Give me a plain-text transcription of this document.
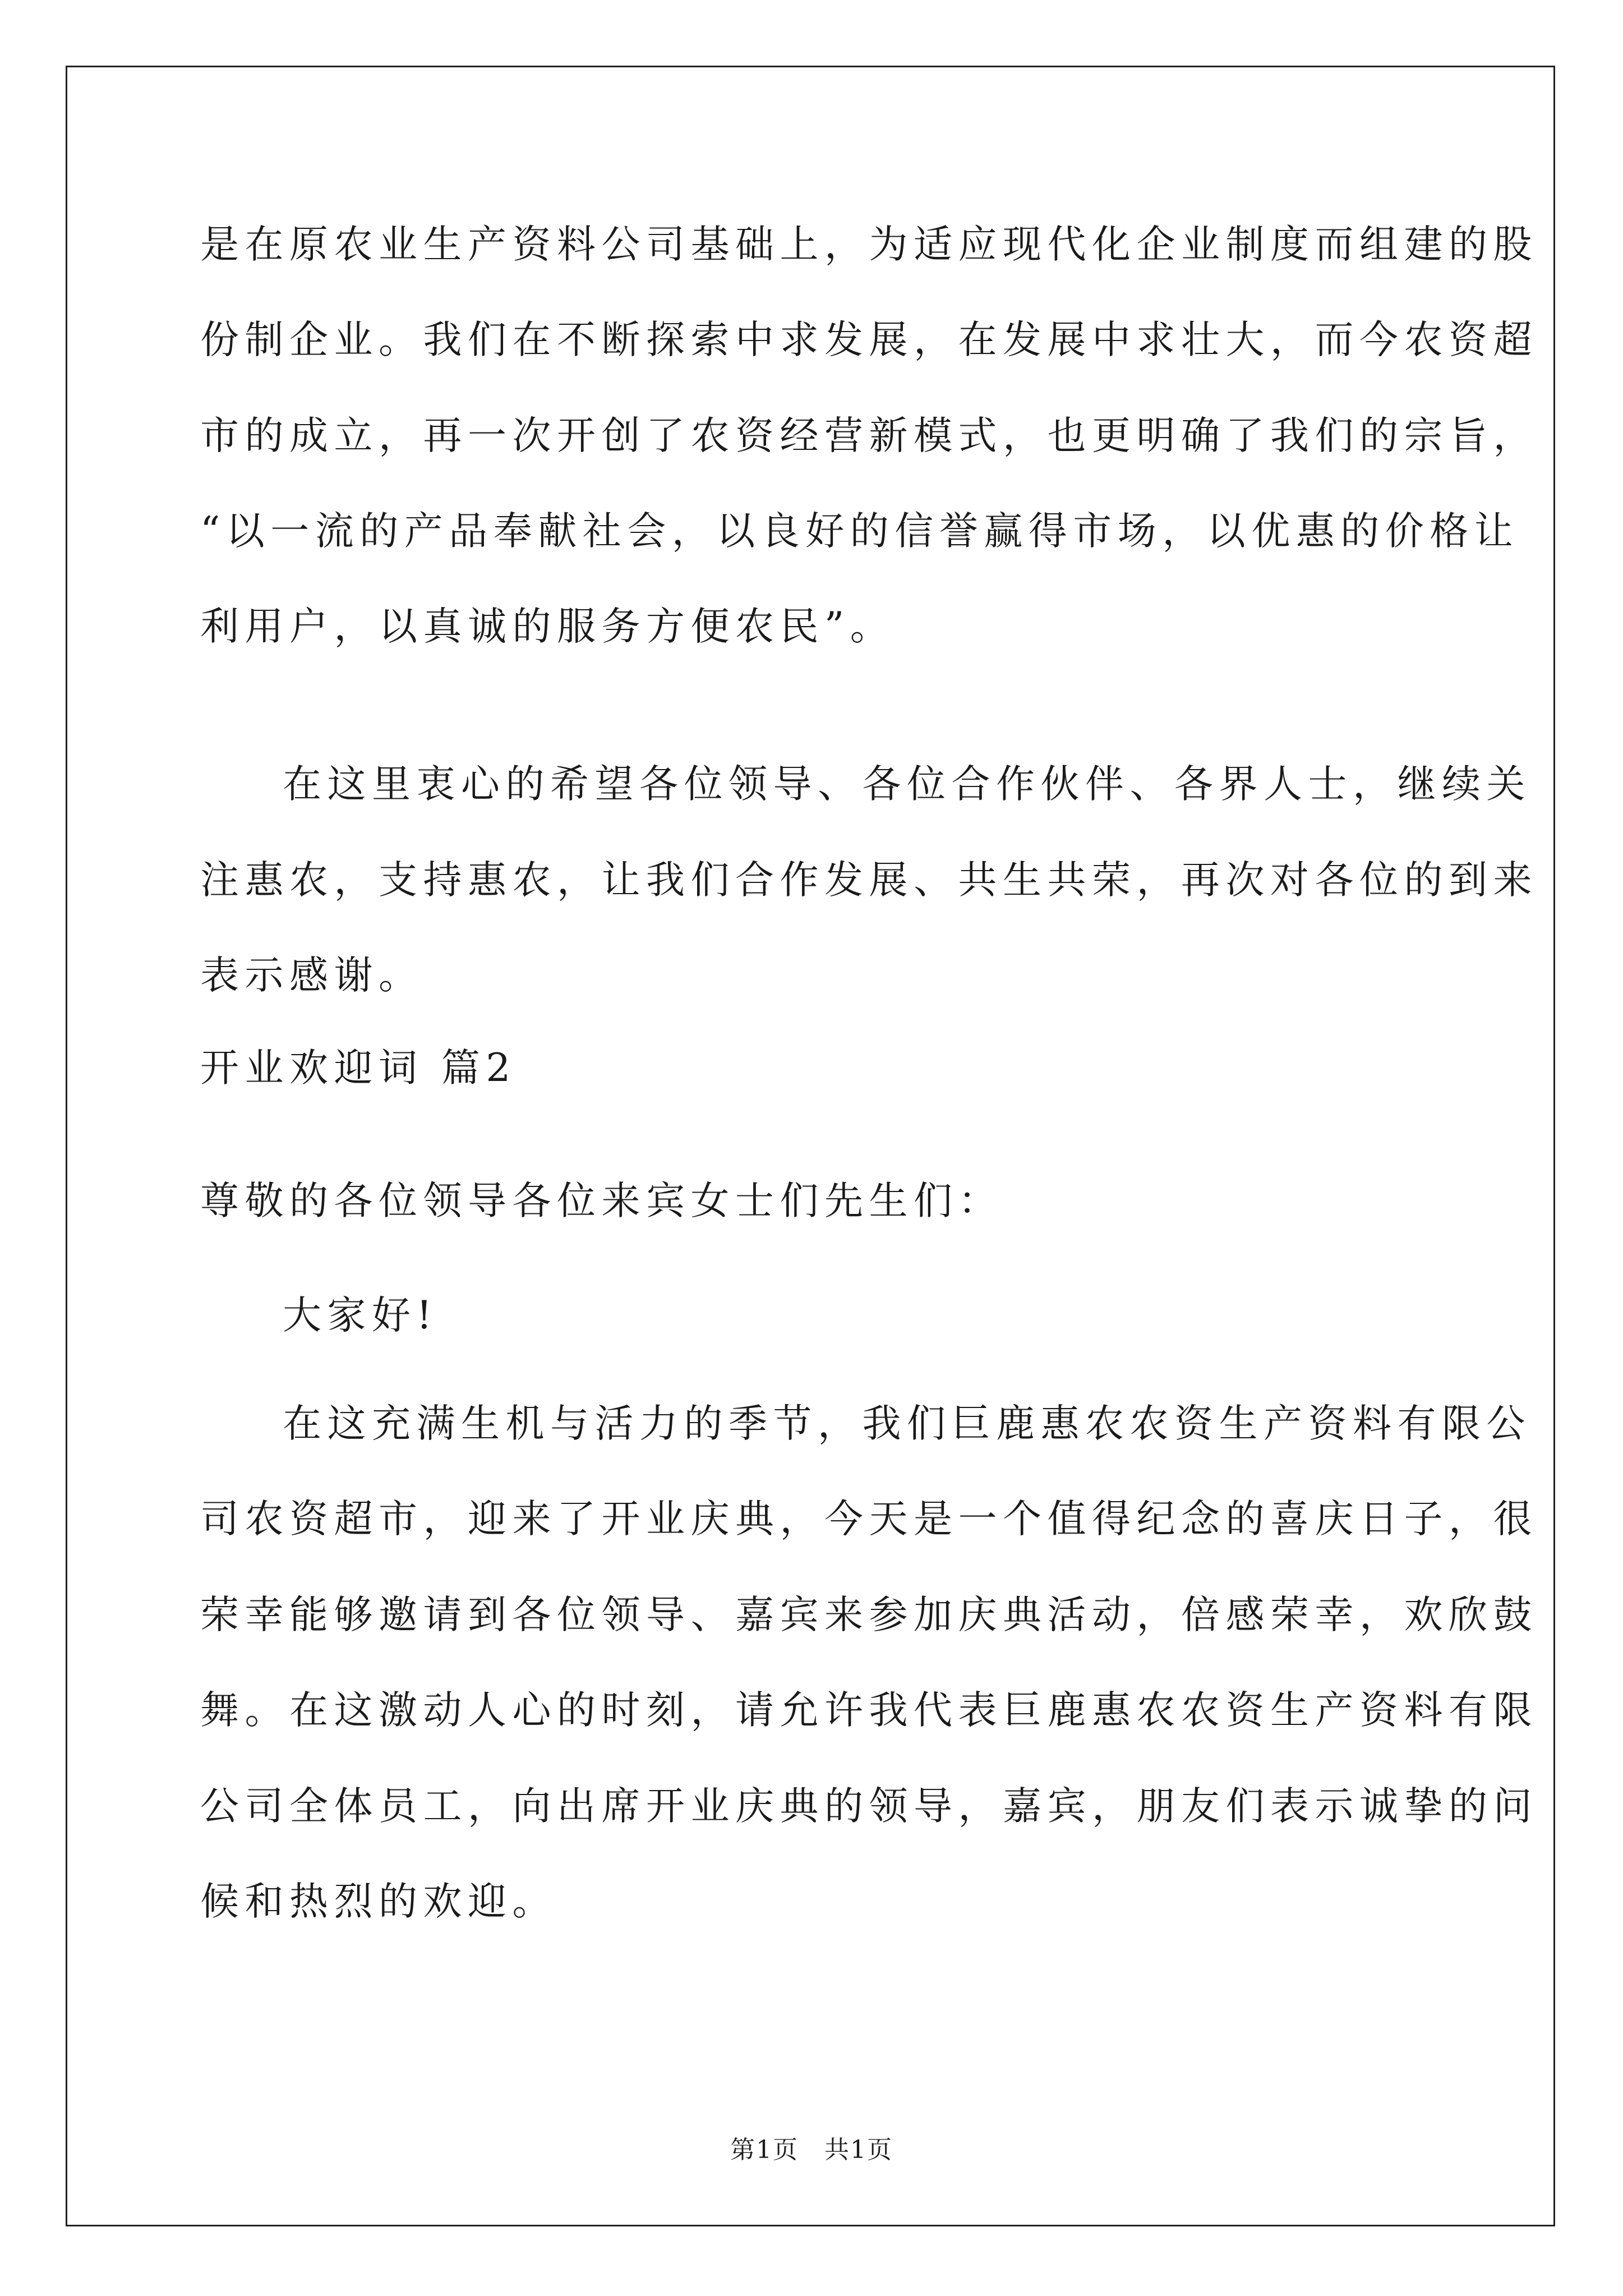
是在原农业生产资料公司基础上，为适应现代化企业制度而组建的股

份制企业。我们在不断探索中求发展，在发展中求壮大，而今农资超

市的成立，再一次开创了农资经营新模式，也更明确了我们的宗旨，

“以一流的产品奉献社会，以良好的信誉赢得市场，以优惠的价格让

利用户，以真诚的服务方便农民”。

在这里衷心的希望各位领导、各位合作伙伴、各界人士，继续关

注惠农，支持惠农，让我们合作发展、共生共荣，再次对各位的到来

表示感谢。

开业欢迎词 篇2

尊敬的各位领导各位来宾女士们先生们：

大家好!

在这充满生机与活力的季节，我们巨鹿惠农农资生产资料有限公

司农资超市，迎来了开业庆典，今天是一个值得纪念的喜庆日子，很

荣幸能够邀请到各位领导、嘉宾来参加庆典活动，倍感荣幸，欢欣鼓

舞。在这激动人心的时刻，请允许我代表巨鹿惠农农资生产资料有限

公司全体员工，向出席开业庆典的领导，嘉宾，朋友们表示诚挚的问

候和热烈的欢迎。

第1页　共1页
